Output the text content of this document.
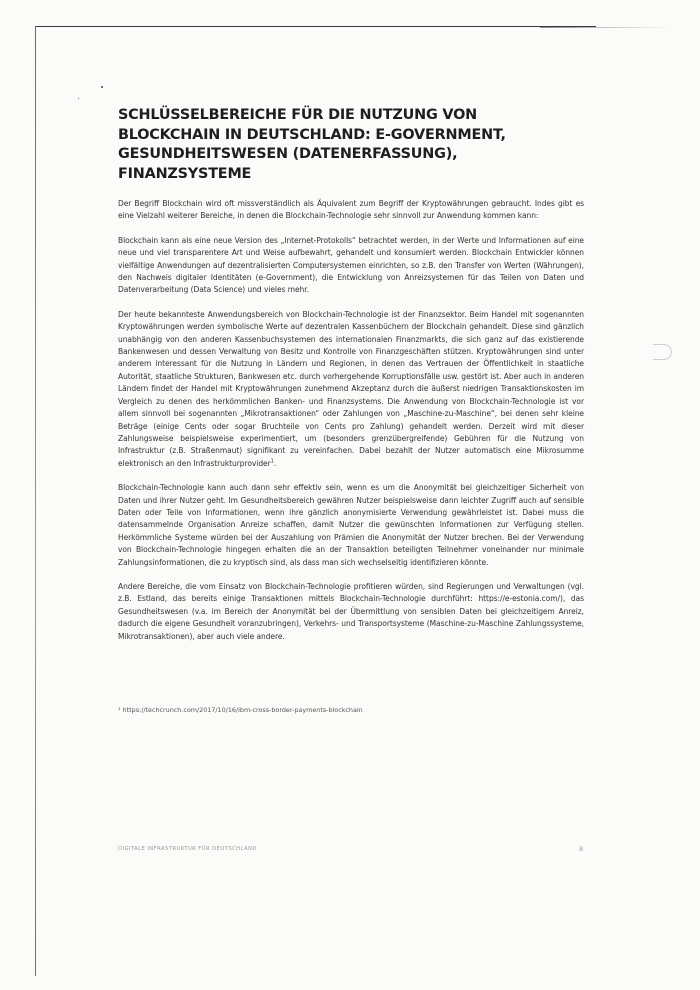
SCHLÜSSELBEREICHE FÜR DIE NUTZUNG VON BLOCKCHAIN IN DEUTSCHLAND: E-GOVERNMENT, GESUNDHEITSWESEN (DATENERFASSUNG), FINANZSYSTEME

Der Begriff Blockchain wird oft missverständlich als Äquivalent zum Begriff der Kryptowährungen gebraucht. Indes gibt es eine Vielzahl weiterer Bereiche, in denen die Blockchain-Technologie sehr sinnvoll zur Anwendung kommen kann:

Blockchain kann als eine neue Version des „Internet-Protokolls“ betrachtet werden, in der Werte und Informationen auf eine neue und viel transparentere Art und Weise aufbewahrt, gehandelt und konsumiert werden. Blockchain Entwickler können vielfältige Anwendungen auf dezentralisierten Computersystemen einrichten, so z.B. den Transfer von Werten (Währungen), den Nachweis digitaler Identitäten (e-Government), die Entwicklung von Anreizsystemen für das Teilen von Daten und Datenverarbeitung (Data Science) und vieles mehr.

Der heute bekannteste Anwendungsbereich von Blockchain-Technologie ist der Finanzsektor. Beim Handel mit sogenannten Kryptowährungen werden symbolische Werte auf dezentralen Kassenbüchern der Blockchain gehandelt. Diese sind gänzlich unabhängig von den anderen Kassenbuchsystemen des internationalen Finanzmarkts, die sich ganz auf das existierende Bankenwesen und dessen Verwaltung von Besitz und Kontrolle von Finanzgeschäften stützen. Kryptowährungen sind unter anderem interessant für die Nutzung in Ländern und Regionen, in denen das Vertrauen der Öffentlichkeit in staatliche Autorität, staatliche Strukturen, Bankwesen etc. durch vorhergehende Korruptionsfälle usw. gestört ist. Aber auch in anderen Ländern findet der Handel mit Kryptowährungen zunehmend Akzeptanz durch die äußerst niedrigen Transaktionskosten im Vergleich zu denen des herkömmlichen Banken- und Finanzsystems. Die Anwendung von Blockchain-Technologie ist vor allem sinnvoll bei sogenannten „Mikrotransaktionen“ oder Zahlungen von „Maschine-zu-Maschine“, bei denen sehr kleine Beträge (einige Cents oder sogar Bruchteile von Cents pro Zahlung) gehandelt werden. Derzeit wird mit dieser Zahlungsweise beispielsweise experimentiert, um (besonders grenzübergreifende) Gebühren für die Nutzung von Infrastruktur (z.B. Straßenmaut) signifikant zu vereinfachen. Dabei bezahlt der Nutzer automatisch eine Mikrosumme elektronisch an den Infrastrukturprovider$^1$.

Blockchain-Technologie kann auch dann sehr effektiv sein, wenn es um die Anonymität bei gleichzeitiger Sicherheit von Daten und ihrer Nutzer geht. Im Gesundheitsbereich gewähren Nutzer beispielsweise dann leichter Zugriff auch auf sensible Daten oder Teile von Informationen, wenn ihre gänzlich anonymisierte Verwendung gewährleistet ist. Dabei muss die datensammelnde Organisation Anreize schaffen, damit Nutzer die gewünschten Informationen zur Verfügung stellen. Herkömmliche Systeme würden bei der Auszahlung von Prämien die Anonymität der Nutzer brechen. Bei der Verwendung von Blockchain-Technologie hingegen erhalten die an der Transaktion beteiligten Teilnehmer voneinander nur minimale Zahlungsinformationen, die zu kryptisch sind, als dass man sich wechselseitig identifizieren könnte.

Andere Bereiche, die vom Einsatz von Blockchain-Technologie profitieren würden, sind Regierungen und Verwaltungen (vgl. z.B. Estland, das bereits einige Transaktionen mittels Blockchain-Technologie durchführt: https://e-estonia.com/), das Gesundheitswesen (v.a. im Bereich der Anonymität bei der Übermittlung von sensiblen Daten bei gleichzeitigem Anreiz, dadurch die eigene Gesundheit voranzubringen), Verkehrs- und Transportsysteme (Maschine-zu-Maschine Zahlungssysteme, Mikrotransaktionen), aber auch viele andere.

¹ https://techcrunch.com/2017/10/16/ibm-cross-border-payments-blockchain
DIGITALE INFRASTRUKTUR FÜR DEUTSCHLAND	8
